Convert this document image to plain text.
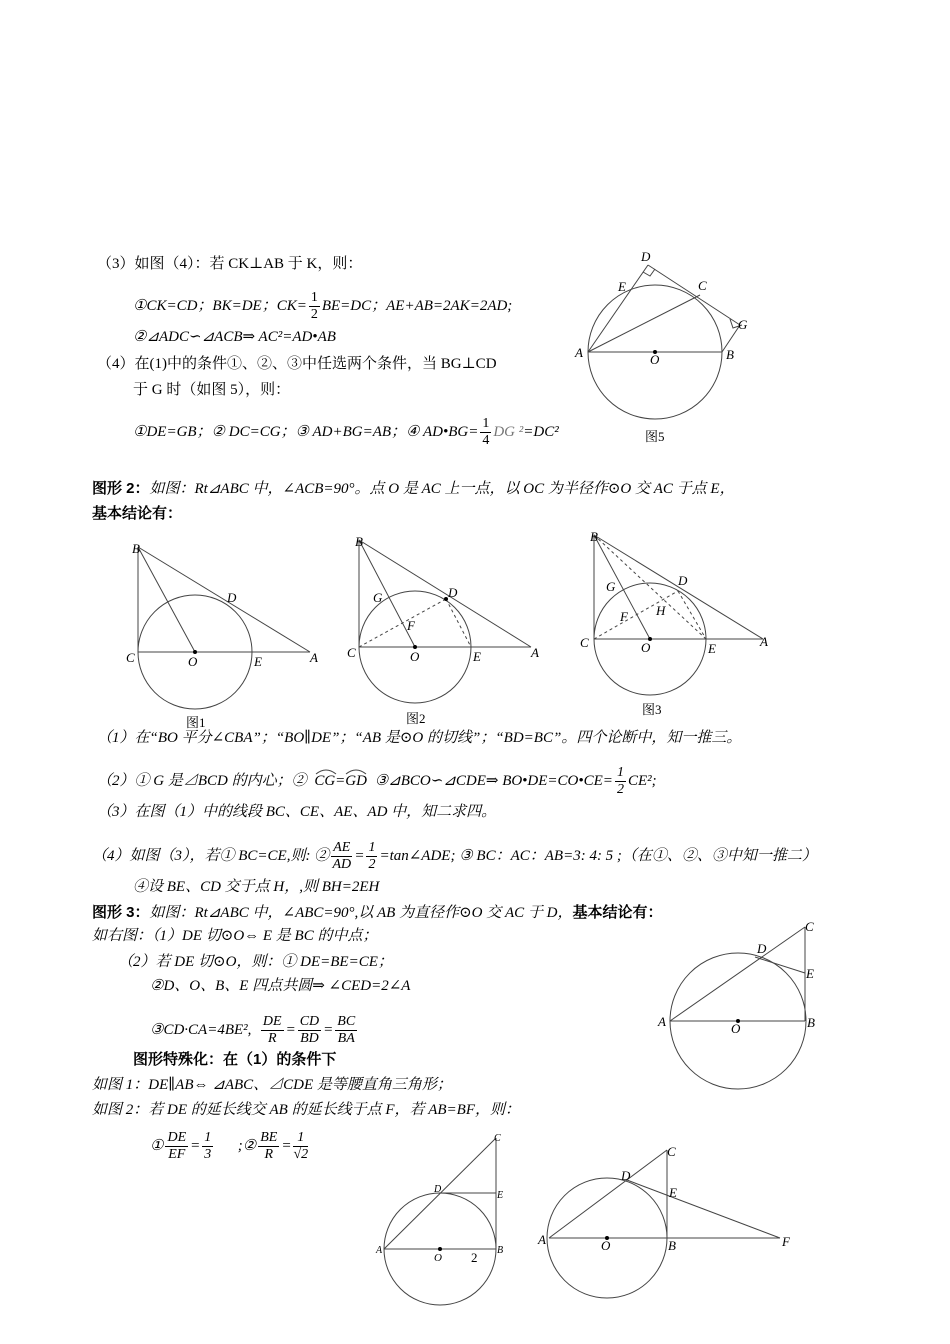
（3）如图（4）：若 CK⊥AB 于 K，则：
①CK=CD；BK=DE；$CK= \frac{1}{2} BE=DC$；AE+AB=2AK=2AD;
②⊿ADC∽⊿ACB⇒ AC²=AD•AB
（4）在(1)中的条件①、②、③中任选两个条件，当 BG⊥CD
于 G 时（如图 5），则：
①DE=GB；② DC=CG；③ AD+BG=AB；④ AD•BG= $\frac{1}{4}$ DG ²=DC²
D
E	C
G
A	O	B
图5
图形 2：如图：Rt⊿ABC 中，∠ACB=90°。点 O 是 AC 上一点，以 OC 为半径作⊙O 交 AC 于点 E，
基本结论有：
B
D
C	O	E	A
图1
B
G	D
F
C	O	E	A
图2
B
G	D
F H
C	O	E	A
图3
（1）在“BO 平分∠CBA”；“BO∥DE”；“AB 是⊙O 的切线”；“BD=BC”。四个论断中，知一推三。
（2）① G 是⊿BCD 的内心；② CG=GD ③⊿BCO∽⊿CDE⇒ BO•DE=CO•CE= $\frac{1}{2} CE^2$;
（3）在图（1）中的线段 BC、CE、AE、AD 中，知二求四。
（4）如图（3），若① BC=CE,则: ② $\frac{AE}{AD} = \frac{1}{2}$ =tan∠ADE; ③ BC：AC：AB=3: 4: 5 ;（在①、②、③中知一推二）
④设 BE、CD 交于点 H，,则 BH=2EH
图形 3：如图：Rt⊿ABC 中，∠ABC=90°,以 AB 为直径作⊙O 交 AC 于 D，基本结论有：
如右图：（1）DE 切⊙O⇔ E 是 BC 的中点；
（2）若 DE 切⊙O，则：① DE=BE=CE；
②D、O、B、E 四点共圆⇒ ∠CED=2∠A
③CD·CA=4BE², $\frac{DE}{R} = \frac{CD}{BD} = \frac{BC}{BA}$
C
D
E
A	O	B
图形特殊化：在（1）的条件下
如图 1：DE∥AB⇔ ⊿ABC、⊿CDE 是等腰直角三角形；
如图 2：若 DE 的延长线交 AB 的延长线于点 F，若 AB=BF，则：
① $\frac{DE}{EF} = \frac{1}{3}$ ;② $\frac{BE}{R} = \frac{1}{√2}$	C
D
E
A
O 2 B
C
D
E
A	O	B	F
